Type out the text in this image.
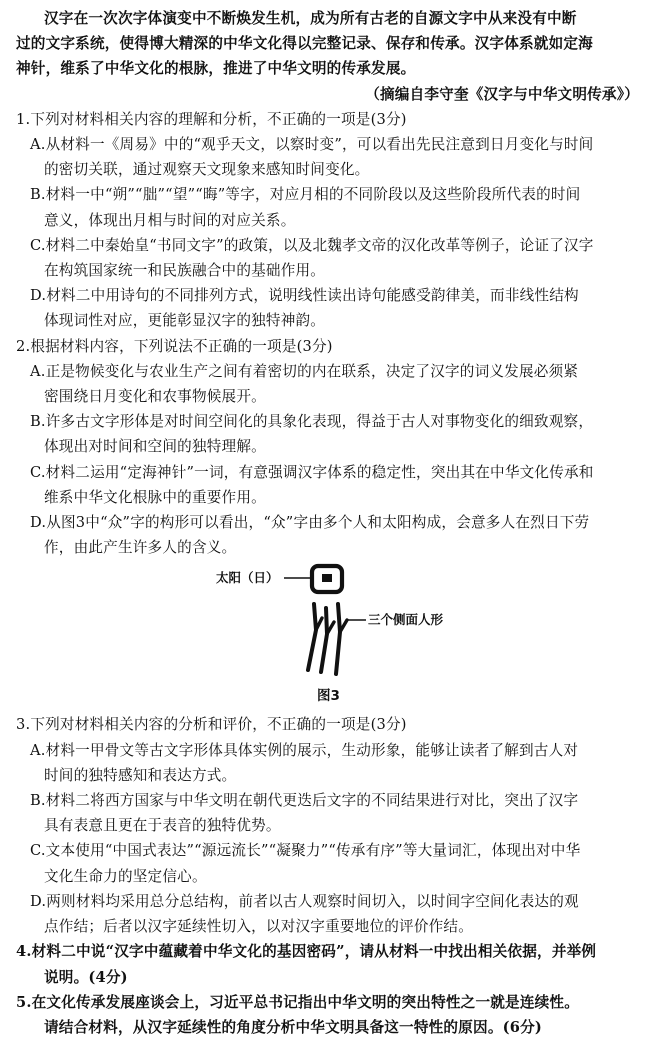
汉字在一次次字体演变中不断焕发生机，成为所有古老的自源文字中从来没有中断
过的文字系统，使得博大精深的中华文化得以完整记录、保存和传承。汉字体系就如定海
神针，维系了中华文化的根脉，推进了中华文明的传承发展。
（摘编自李守奎《汉字与中华文明传承》）
1.下列对材料相关内容的理解和分析，不正确的一项是(3分)
A.从材料一《周易》中的“观乎天文，以察时变”，可以看出先民注意到日月变化与时间
的密切关联，通过观察天文现象来感知时间变化。
B.材料一中“朔”“朏”“望”“晦”等字，对应月相的不同阶段以及这些阶段所代表的时间
意义，体现出月相与时间的对应关系。
C.材料二中秦始皇“书同文字”的政策，以及北魏孝文帝的汉化改革等例子，论证了汉字
在构筑国家统一和民族融合中的基础作用。
D.材料二中用诗句的不同排列方式，说明线性读出诗句能感受韵律美，而非线性结构
体现词性对应，更能彰显汉字的独特神韵。
2.根据材料内容，下列说法不正确的一项是(3分)
A.正是物候变化与农业生产之间有着密切的内在联系，决定了汉字的词义发展必须紧
密围绕日月变化和农事物候展开。
B.许多古文字形体是对时间空间化的具象化表现，得益于古人对事物变化的细致观察，
体现出对时间和空间的独特理解。
C.材料二运用“定海神针”一词，有意强调汉字体系的稳定性，突出其在中华文化传承和
维系中华文化根脉中的重要作用。
D.从图3中“众”字的构形可以看出，“众”字由多个人和太阳构成，会意多人在烈日下劳
作，由此产生许多人的含义。
太阳（日）
三个侧面人形
图3
3.下列对材料相关内容的分析和评价，不正确的一项是(3分)
A.材料一甲骨文等古文字形体具体实例的展示，生动形象，能够让读者了解到古人对
时间的独特感知和表达方式。
B.材料二将西方国家与中华文明在朝代更迭后文字的不同结果进行对比，突出了汉字
具有表意且更在于表音的独特优势。
C.文本使用“中国式表达”“源远流长”“凝聚力”“传承有序”等大量词汇，体现出对中华
文化生命力的坚定信心。
D.两则材料均采用总分总结构，前者以古人观察时间切入，以时间字空间化表达的观
点作结；后者以汉字延续性切入，以对汉字重要地位的评价作结。
4.材料二中说“汉字中蕴藏着中华文化的基因密码”，请从材料一中找出相关依据，并举例
说明。(4分)
5.在文化传承发展座谈会上，习近平总书记指出中华文明的突出特性之一就是连续性。
请结合材料，从汉字延续性的角度分析中华文明具备这一特性的原因。(6分)
